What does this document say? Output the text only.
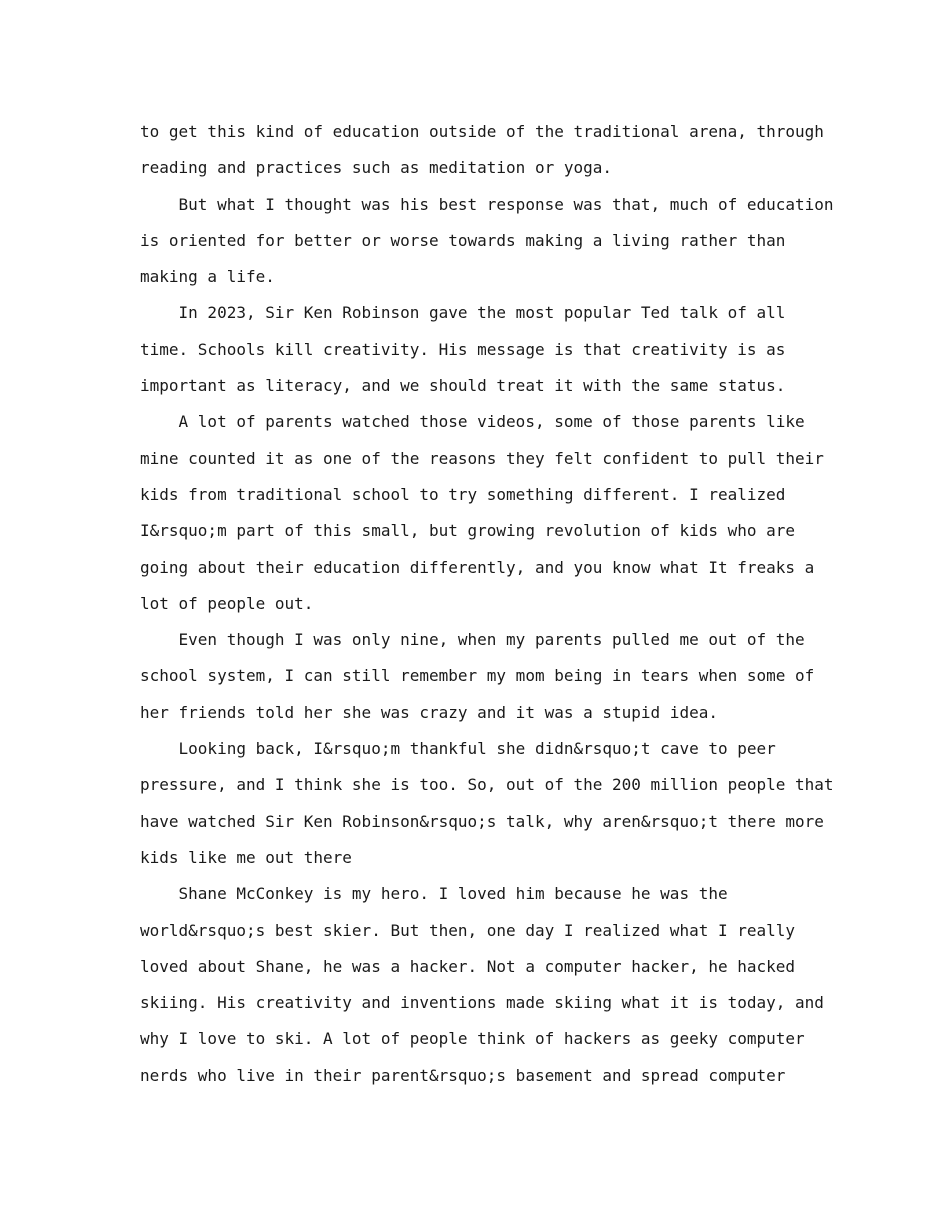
to get this kind of education outside of the traditional arena, through
reading and practices such as meditation or yoga.
But what I thought was his best response was that, much of education
is oriented for better or worse towards making a living rather than
making a life.
In 2023, Sir Ken Robinson gave the most popular Ted talk of all
time. Schools kill creativity. His message is that creativity is as
important as literacy, and we should treat it with the same status.
A lot of parents watched those videos, some of those parents like
mine counted it as one of the reasons they felt confident to pull their
kids from traditional school to try something different. I realized
I&rsquo;m part of this small, but growing revolution of kids who are
going about their education differently, and you know what It freaks a
lot of people out.
Even though I was only nine, when my parents pulled me out of the
school system, I can still remember my mom being in tears when some of
her friends told her she was crazy and it was a stupid idea.
Looking back, I&rsquo;m thankful she didn&rsquo;t cave to peer
pressure, and I think she is too. So, out of the 200 million people that
have watched Sir Ken Robinson&rsquo;s talk, why aren&rsquo;t there more
kids like me out there
Shane McConkey is my hero. I loved him because he was the
world&rsquo;s best skier. But then, one day I realized what I really
loved about Shane, he was a hacker. Not a computer hacker, he hacked
skiing. His creativity and inventions made skiing what it is today, and
why I love to ski. A lot of people think of hackers as geeky computer
nerds who live in their parent&rsquo;s basement and spread computer
